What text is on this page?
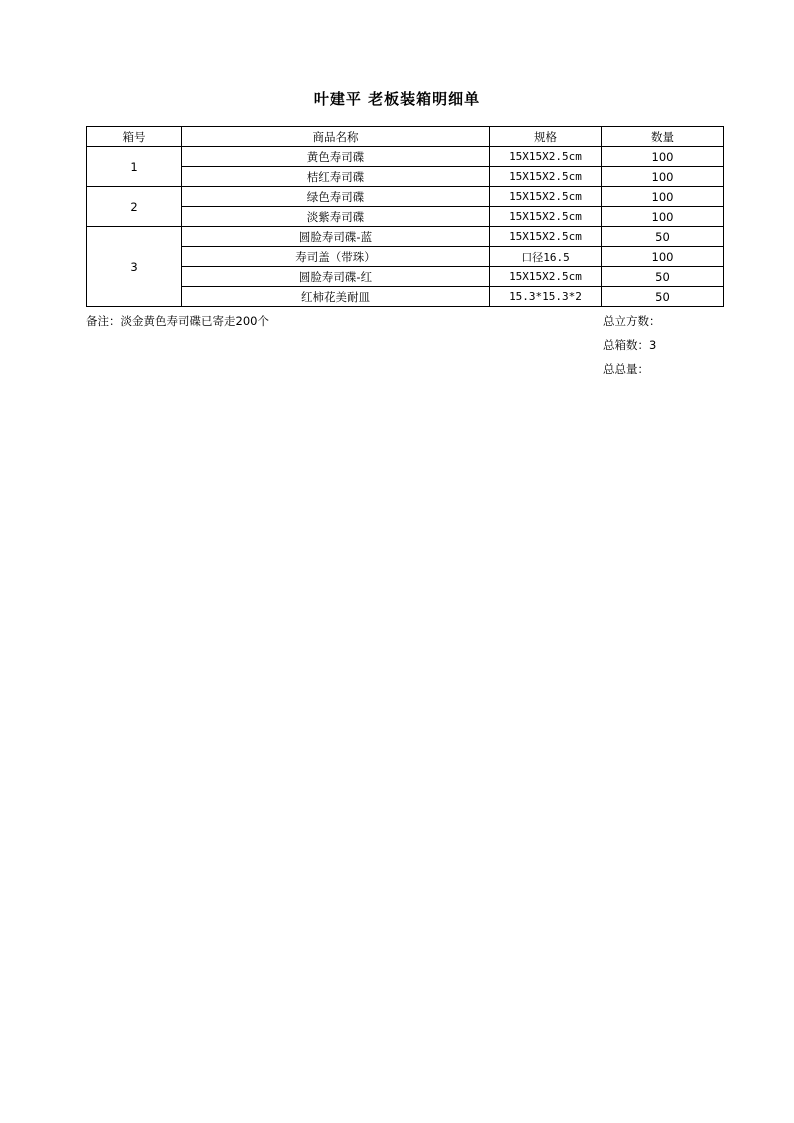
叶建平 老板装箱明细单
箱号	商品名称	规格	数量
1	黄色寿司碟	15X15X2.5cm	100
	桔红寿司碟	15X15X2.5cm	100
2	绿色寿司碟	15X15X2.5cm	100
	淡紫寿司碟	15X15X2.5cm	100
3	圆脸寿司碟-蓝	15X15X2.5cm	50
	寿司盖（带珠）	口径16.5	100
	圆脸寿司碟-红	15X15X2.5cm	50
	红柿花美耐皿	15.3*15.3*2	50
备注：淡金黄色寿司碟已寄走200个	总立方数：
总箱数：3
总总量：
